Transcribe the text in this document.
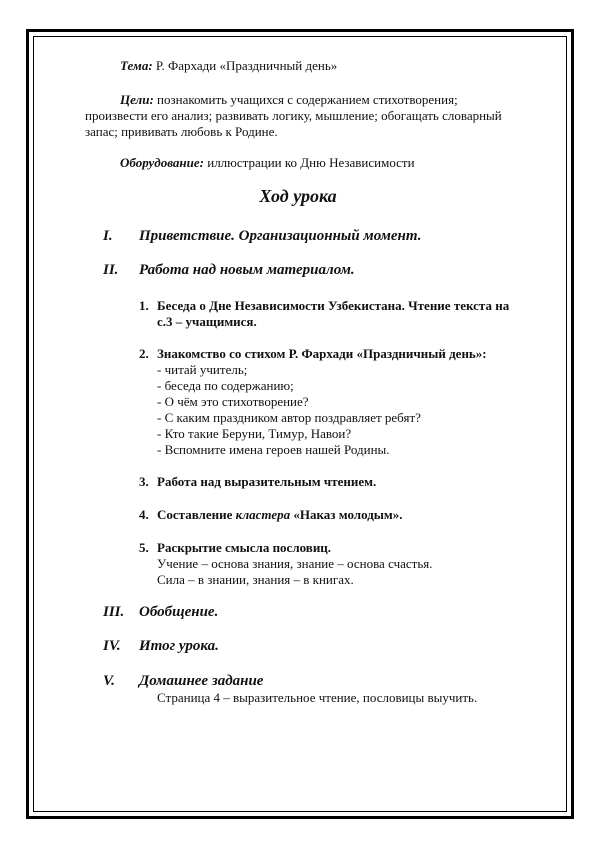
Тема: Р. Фархади «Праздничный день»
Цели: познакомить учащихся с содержанием стихотворения;
произвести его анализ; развивать логику, мышление; обогащать словарный
запас; прививать любовь к Родине.
Оборудование: иллюстрации ко Дню Независимости
Ход урока
I. Приветствие. Организационный момент.
II. Работа над новым материалом.
1. Беседа о Дне Независимости Узбекистана. Чтение текста на
с.3 – учащимися.
2. Знакомство со стихом Р. Фархади «Праздничный день»:
- читай учитель;
- беседа по содержанию;
- О чём это стихотворение?
- С каким праздником автор поздравляет ребят?
- Кто такие Беруни, Тимур, Навои?
- Вспомните имена героев нашей Родины.
3. Работа над выразительным чтением.
4. Составление кластера «Наказ молодым».
5. Раскрытие смысла пословиц.
Учение – основа знания, знание – основа счастья.
Сила – в знании, знания – в книгах.
III. Обобщение.
IV. Итог урока.
V. Домашнее задание
Страница 4 – выразительное чтение, пословицы выучить.
